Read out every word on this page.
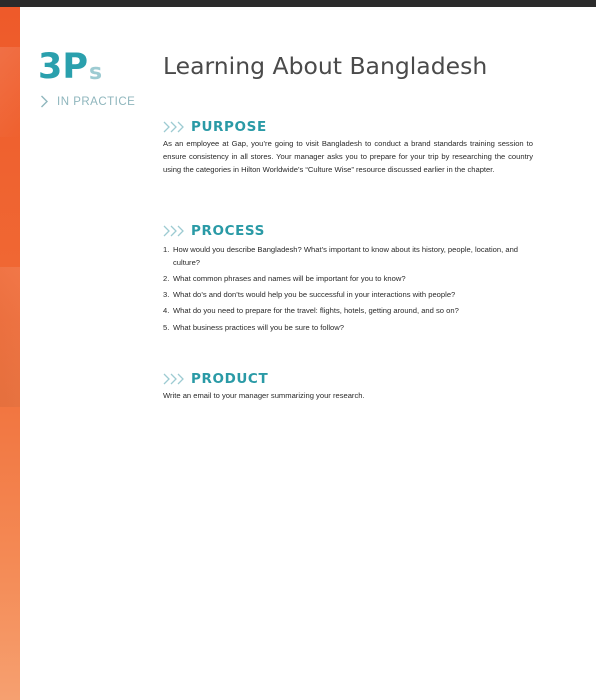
3P s
IN PRACTICE
Learning About Bangladesh
PURPOSE
As an employee at Gap, you’re going to visit Bangladesh to conduct a brand standards training session to ensure consistency in all stores. Your manager asks you to prepare for your trip by researching the country using the categories in Hilton Worldwide’s “Culture Wise” resource discussed earlier in the chapter.
PROCESS
1. How would you describe Bangladesh? What’s important to know about its history, people, location, and culture?
2. What common phrases and names will be important for you to know?
3. What do’s and don’ts would help you be successful in your interactions with people?
4. What do you need to prepare for the travel: flights, hotels, getting around, and so on?
5. What business practices will you be sure to follow?
PRODUCT
Write an email to your manager summarizing your research.
